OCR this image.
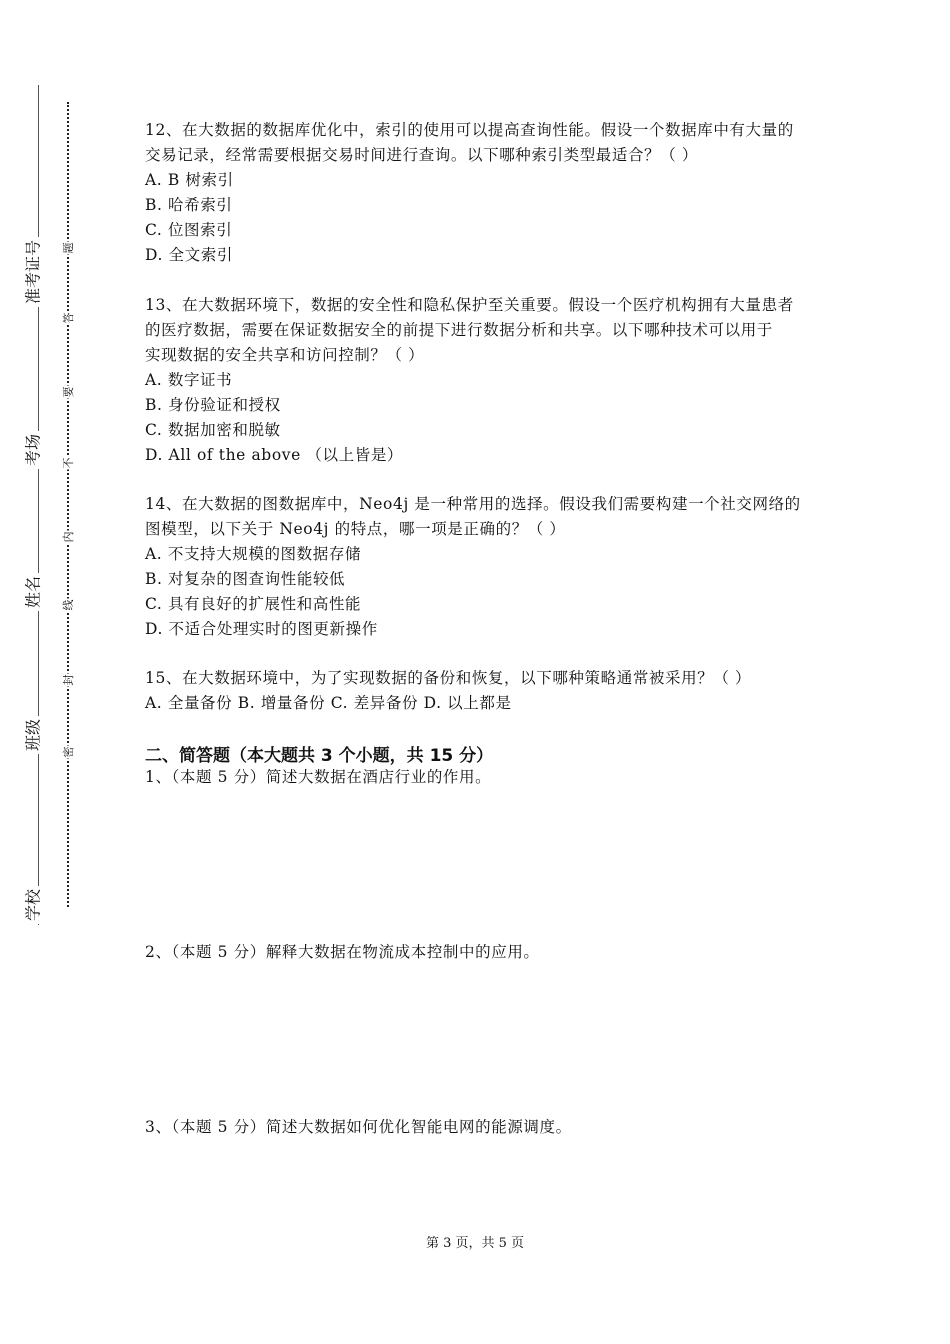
准考证号
考场
姓名
班级
学校
题
答
要
不
内
线
封
密
12、在大数据的数据库优化中，索引的使用可以提高查询性能。假设一个数据库中有大量的
交易记录，经常需要根据交易时间进行查询。以下哪种索引类型最适合？（ ）
A. B 树索引
B. 哈希索引
C. 位图索引
D. 全文索引
13、在大数据环境下，数据的安全性和隐私保护至关重要。假设一个医疗机构拥有大量患者
的医疗数据，需要在保证数据安全的前提下进行数据分析和共享。以下哪种技术可以用于
实现数据的安全共享和访问控制？（ ）
A. 数字证书
B. 身份验证和授权
C. 数据加密和脱敏
D. All of the above （以上皆是）
14、在大数据的图数据库中，Neo4j 是一种常用的选择。假设我们需要构建一个社交网络的
图模型，以下关于 Neo4j 的特点，哪一项是正确的？（ ）
A. 不支持大规模的图数据存储
B. 对复杂的图查询性能较低
C. 具有良好的扩展性和高性能
D. 不适合处理实时的图更新操作
15、在大数据环境中，为了实现数据的备份和恢复，以下哪种策略通常被采用？（ ）
A. 全量备份 B. 增量备份 C. 差异备份 D. 以上都是
二、简答题（本大题共 3 个小题，共 15 分）
1、（本题 5 分）简述大数据在酒店行业的作用。
2、（本题 5 分）解释大数据在物流成本控制中的应用。
3、（本题 5 分）简述大数据如何优化智能电网的能源调度。
第 3 页，共 5 页
